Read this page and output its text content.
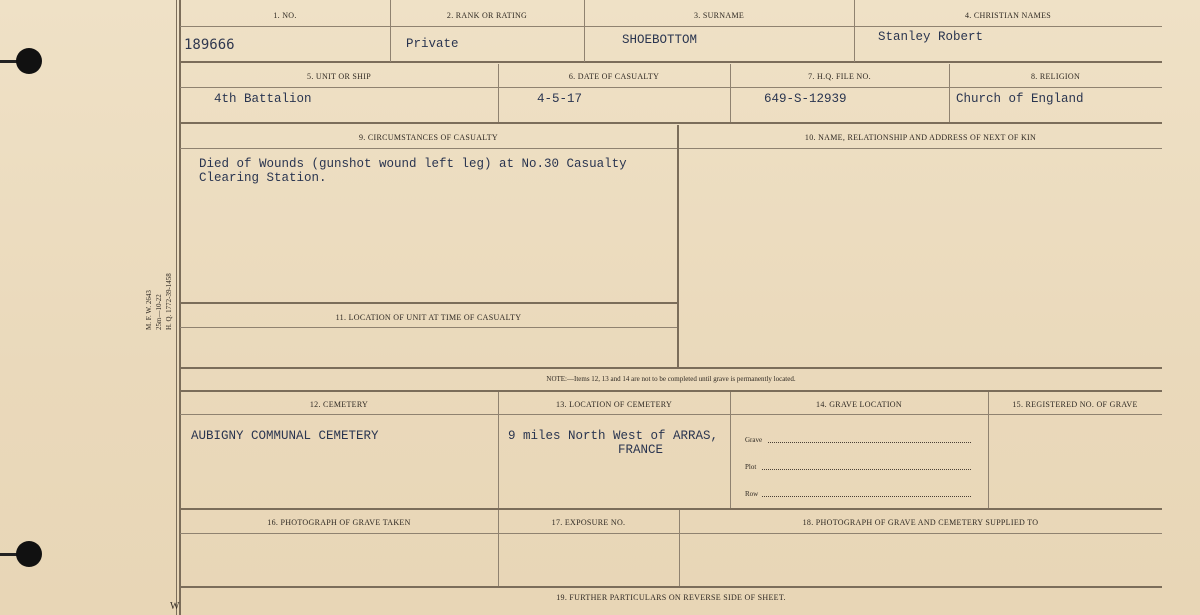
M. F. W. 2643 25m—10-22 H. Q. 1772-39-1458
1. NO.	2. RANK OR RATING	3. SURNAME	4. CHRISTIAN NAMES
189666	Private	SHOEBOTTOM	Stanley Robert
5. UNIT OR SHIP	6. DATE OF CASUALTY	7. H.Q. FILE NO.	8. RELIGION
4th Battalion	4-5-17	649-S-12939	Church of England
9. CIRCUMSTANCES OF CASUALTY	10. NAME, RELATIONSHIP AND ADDRESS OF NEXT OF KIN
Died of Wounds (gunshot wound left leg) at No.30 Casualty
Clearing Station.
11. LOCATION OF UNIT AT TIME OF CASUALTY
NOTE:—Items 12, 13 and 14 are not to be completed until grave is permanently located.
12. CEMETERY	13. LOCATION OF CEMETERY	14. GRAVE LOCATION	15. REGISTERED NO. OF GRAVE
AUBIGNY COMMUNAL CEMETERY	9 miles North West of ARRAS,
FRANCE
Grave
Plot
Row
16. PHOTOGRAPH OF GRAVE TAKEN	17. EXPOSURE NO.	18. PHOTOGRAPH OF GRAVE AND CEMETERY SUPPLIED TO
19. FURTHER PARTICULARS ON REVERSE SIDE OF SHEET.
W
